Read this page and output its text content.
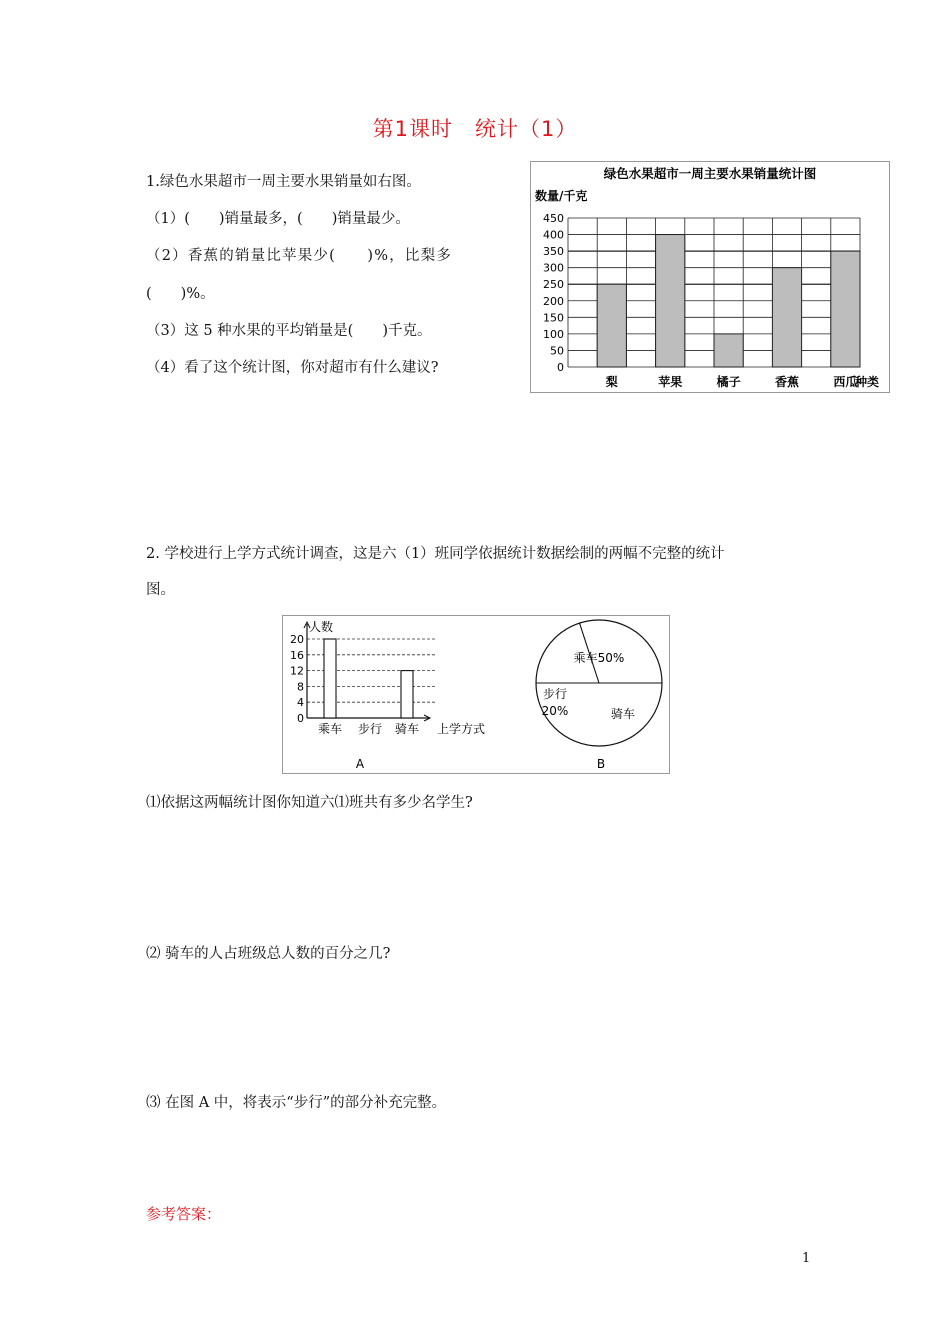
第1课时　统计（1）
1.绿色水果超市一周主要水果销量如右图。
（1）(　　)销量最多，(　　)销量最少。
（2）香蕉的销量比苹果少(　　)%，比梨多
(　　)%。
（3）这 5 种水果的平均销量是(　　)千克。
（4）看了这个统计图，你对超市有什么建议?
绿色水果超市一周主要水果销量统计图
数量/千克
0
50
100
150
200
250
300
350
400
450
梨	苹果	橘子	香蕉	西瓜
种类
2. 学校进行上学方式统计调查，这是六（1）班同学依据统计数据绘制的两幅不完整的统计
图。
人数
0
4
8
12
16
20
乘车 步行 骑车 上学方式
A
乘车50%
步行
20%	骑车
B
⑴依据这两幅统计图你知道六⑴班共有多少名学生?
⑵ 骑车的人占班级总人数的百分之几?
⑶ 在图 A 中，将表示“步行”的部分补充完整。
参考答案：
1
